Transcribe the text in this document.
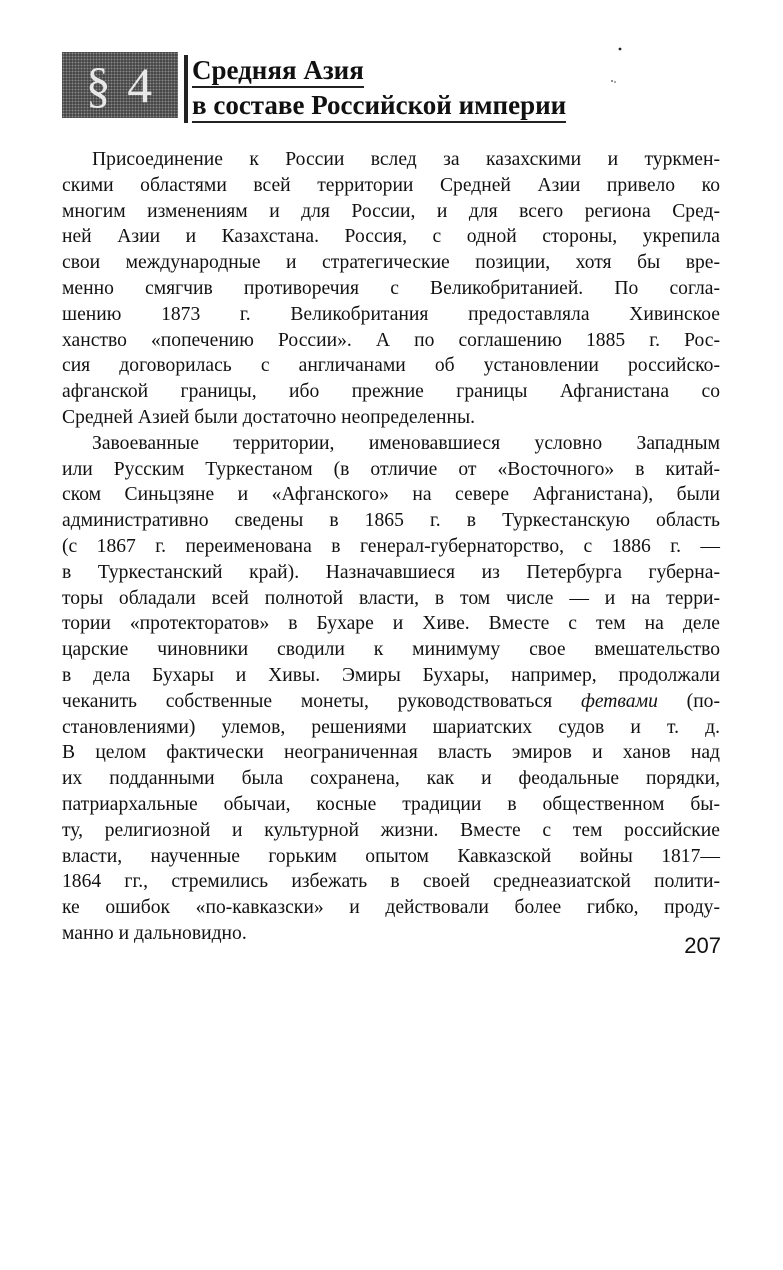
§ 4 Средняя Азия
в составе Российской империи
Присоединение к России вслед за казахскими и туркмен-
скими областями всей территории Средней Азии привело ко
многим изменениям и для России, и для всего региона Сред-
ней Азии и Казахстана. Россия, с одной стороны, укрепила
свои международные и стратегические позиции, хотя бы вре-
менно смягчив противоречия с Великобританией. По согла-
шению 1873 г. Великобритания предоставляла Хивинское
ханство «попечению России». А по соглашению 1885 г. Рос-
сия договорилась с англичанами об установлении российско-
афганской границы, ибо прежние границы Афганистана со
Средней Азией были достаточно неопределенны.
Завоеванные территории, именовавшиеся условно Западным
или Русским Туркестаном (в отличие от «Восточного» в китай-
ском Синьцзяне и «Афганского» на севере Афганистана), были
административно сведены в 1865 г. в Туркестанскую область
(с 1867 г. переименована в генерал-губернаторство, с 1886 г. —
в Туркестанский край). Назначавшиеся из Петербурга губерна-
торы обладали всей полнотой власти, в том числе — и на терри-
тории «протекторатов» в Бухаре и Хиве. Вместе с тем на деле
царские чиновники сводили к минимуму свое вмешательство
в дела Бухары и Хивы. Эмиры Бухары, например, продолжали
чеканить собственные монеты, руководствоваться фетвами (по-
становлениями) улемов, решениями шариатских судов и т. д.
В целом фактически неограниченная власть эмиров и ханов над
их подданными была сохранена, как и феодальные порядки,
патриархальные обычаи, косные традиции в общественном бы-
ту, религиозной и культурной жизни. Вместе с тем российские
власти, наученные горьким опытом Кавказской войны 1817—
1864 гг., стремились избежать в своей среднеазиатской полити-
ке ошибок «по-кавказски» и действовали более гибко, проду-
манно и дальновидно.	207
